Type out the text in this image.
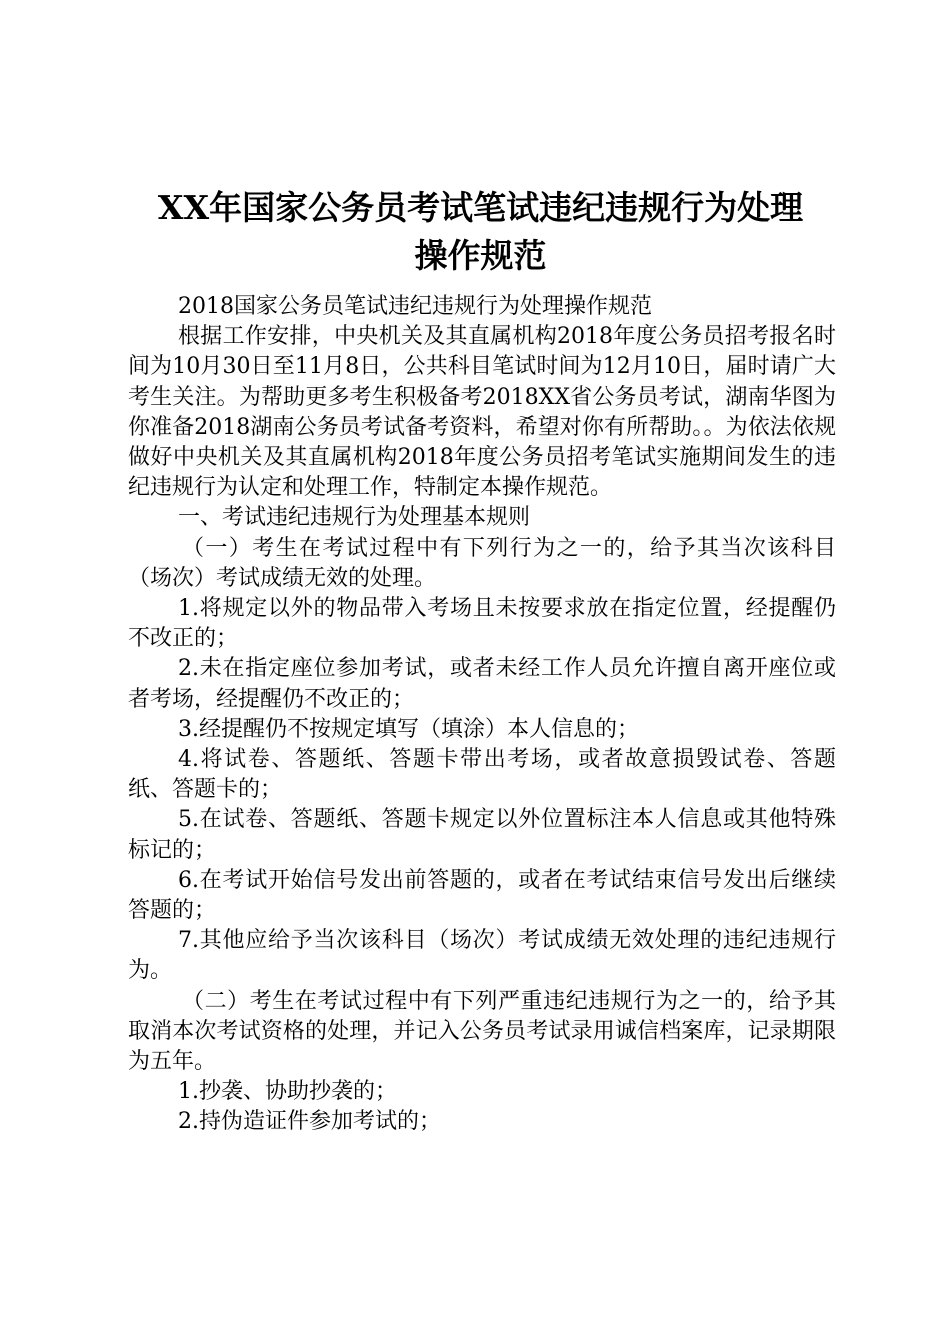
XX年国家公务员考试笔试违纪违规行为处理
操作规范

2018国家公务员笔试违纪违规行为处理操作规范

根据工作安排，中央机关及其直属机构2018年度公务员招考报名时间为10月30日至11月8日，公共科目笔试时间为12月10日，届时请广大考生关注。为帮助更多考生积极备考2018XX省公务员考试，湖南华图为你准备2018湖南公务员考试备考资料，希望对你有所帮助。。为依法依规做好中央机关及其直属机构2018年度公务员招考笔试实施期间发生的违纪违规行为认定和处理工作，特制定本操作规范。

一、考试违纪违规行为处理基本规则

（一）考生在考试过程中有下列行为之一的，给予其当次该科目（场次）考试成绩无效的处理。

1.将规定以外的物品带入考场且未按要求放在指定位置，经提醒仍不改正的；

2.未在指定座位参加考试，或者未经工作人员允许擅自离开座位或者考场，经提醒仍不改正的；

3.经提醒仍不按规定填写（填涂）本人信息的；

4.将试卷、答题纸、答题卡带出考场，或者故意损毁试卷、答题纸、答题卡的；

5.在试卷、答题纸、答题卡规定以外位置标注本人信息或其他特殊标记的；

6.在考试开始信号发出前答题的，或者在考试结束信号发出后继续答题的；

7.其他应给予当次该科目（场次）考试成绩无效处理的违纪违规行为。

（二）考生在考试过程中有下列严重违纪违规行为之一的，给予其取消本次考试资格的处理，并记入公务员考试录用诚信档案库，记录期限为五年。

1.抄袭、协助抄袭的；

2.持伪造证件参加考试的；
